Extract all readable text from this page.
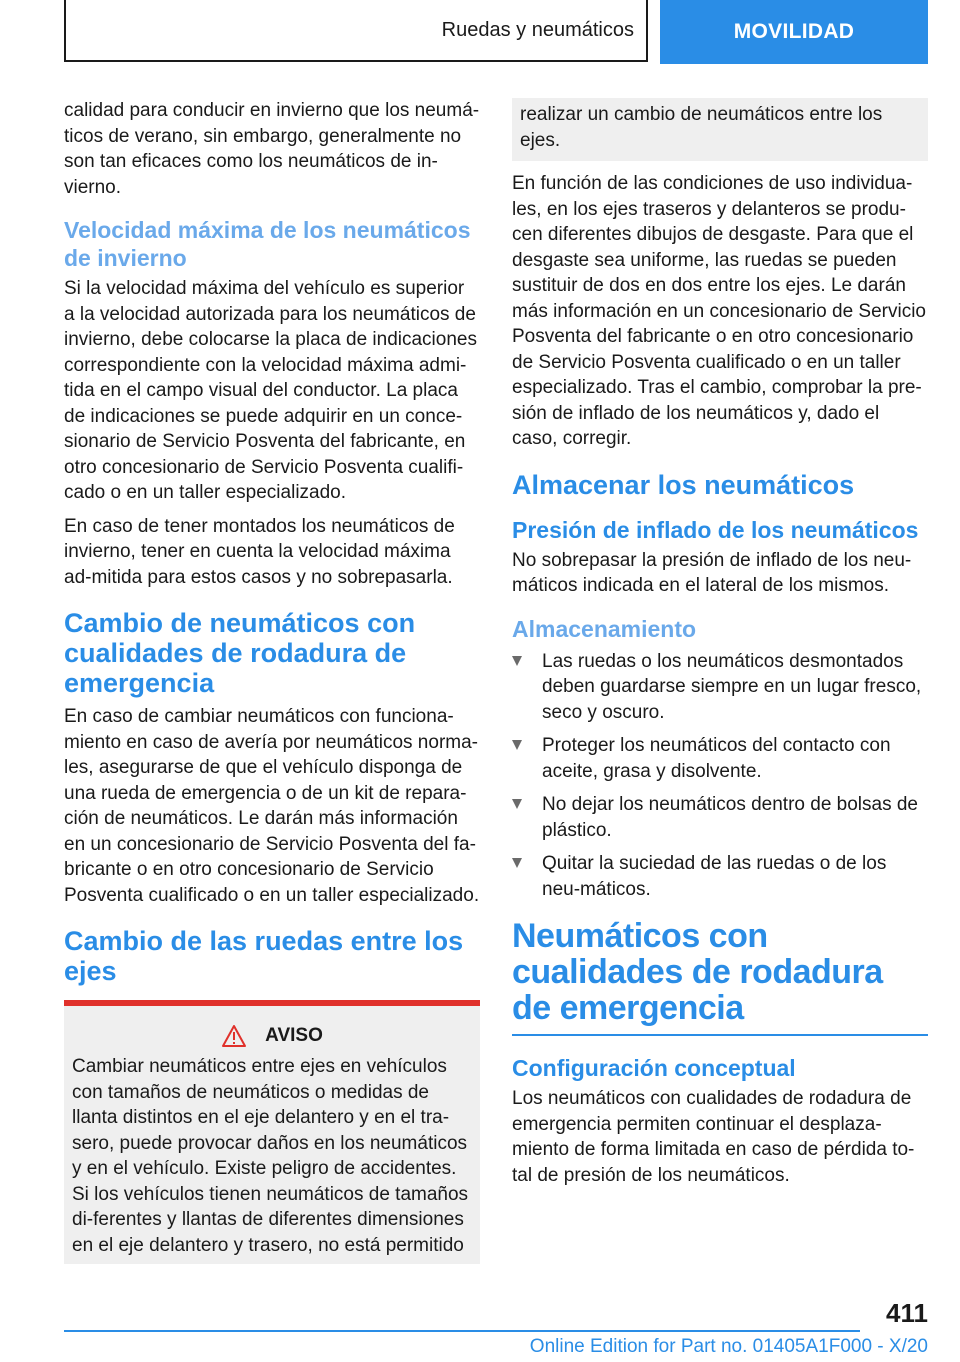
Ruedas y neumáticos	MOVILIDAD

calidad para conducir en invierno que los neumá-ticos de verano, sin embargo, generalmente no son tan eficaces como los neumáticos de in-vierno.

Velocidad máxima de los neumáticos de invierno

Si la velocidad máxima del vehículo es superior a la velocidad autorizada para los neumáticos de invierno, debe colocarse la placa de indicaciones correspondiente con la velocidad máxima admi-tida en el campo visual del conductor. La placa de indicaciones se puede adquirir en un conce-sionario de Servicio Posventa del fabricante, en otro concesionario de Servicio Posventa cualifi-cado o en un taller especializado.

En caso de tener montados los neumáticos de invierno, tener en cuenta la velocidad máxima ad-mitida para estos casos y no sobrepasarla.

Cambio de neumáticos con cualidades de rodadura de emergencia

En caso de cambiar neumáticos con funciona-miento en caso de avería por neumáticos norma-les, asegurarse de que el vehículo disponga de una rueda de emergencia o de un kit de repara-ción de neumáticos. Le darán más información en un concesionario de Servicio Posventa del fa-bricante o en otro concesionario de Servicio Posventa cualificado o en un taller especializado.

Cambio de las ruedas entre los ejes
AVISO

Cambiar neumáticos entre ejes en vehículos con tamaños de neumáticos o medidas de llanta distintos en el eje delantero y en el tra-sero, puede provocar daños en los neumáticos y en el vehículo. Existe peligro de accidentes. Si los vehículos tienen neumáticos de tamaños di-ferentes y llantas de diferentes dimensiones en el eje delantero y trasero, no está permitido

realizar un cambio de neumáticos entre los ejes.

En función de las condiciones de uso individua-les, en los ejes traseros y delanteros se produ-cen diferentes dibujos de desgaste. Para que el desgaste sea uniforme, las ruedas se pueden sustituir de dos en dos entre los ejes. Le darán más información en un concesionario de Servicio Posventa del fabricante o en otro concesionario de Servicio Posventa cualificado o en un taller especializado. Tras el cambio, comprobar la pre-sión de inflado de los neumáticos y, dado el caso, corregir.

Almacenar los neumáticos
Presión de inflado de los neumáticos

No sobrepasar la presión de inflado de los neu-máticos indicada en el lateral de los mismos.

Almacenamiento
Las ruedas o los neumáticos desmontados deben guardarse siempre en un lugar fresco, seco y oscuro.
Proteger los neumáticos del contacto con aceite, grasa y disolvente.
No dejar los neumáticos dentro de bolsas de plástico.
Quitar la suciedad de las ruedas o de los neu-máticos.
Neumáticos con cualidades de rodadura de emergencia
Configuración conceptual

Los neumáticos con cualidades de rodadura de emergencia permiten continuar el desplaza-miento de forma limitada en caso de pérdida to-tal de presión de los neumáticos.

411
Online Edition for Part no. 01405A1F000 - X/20
